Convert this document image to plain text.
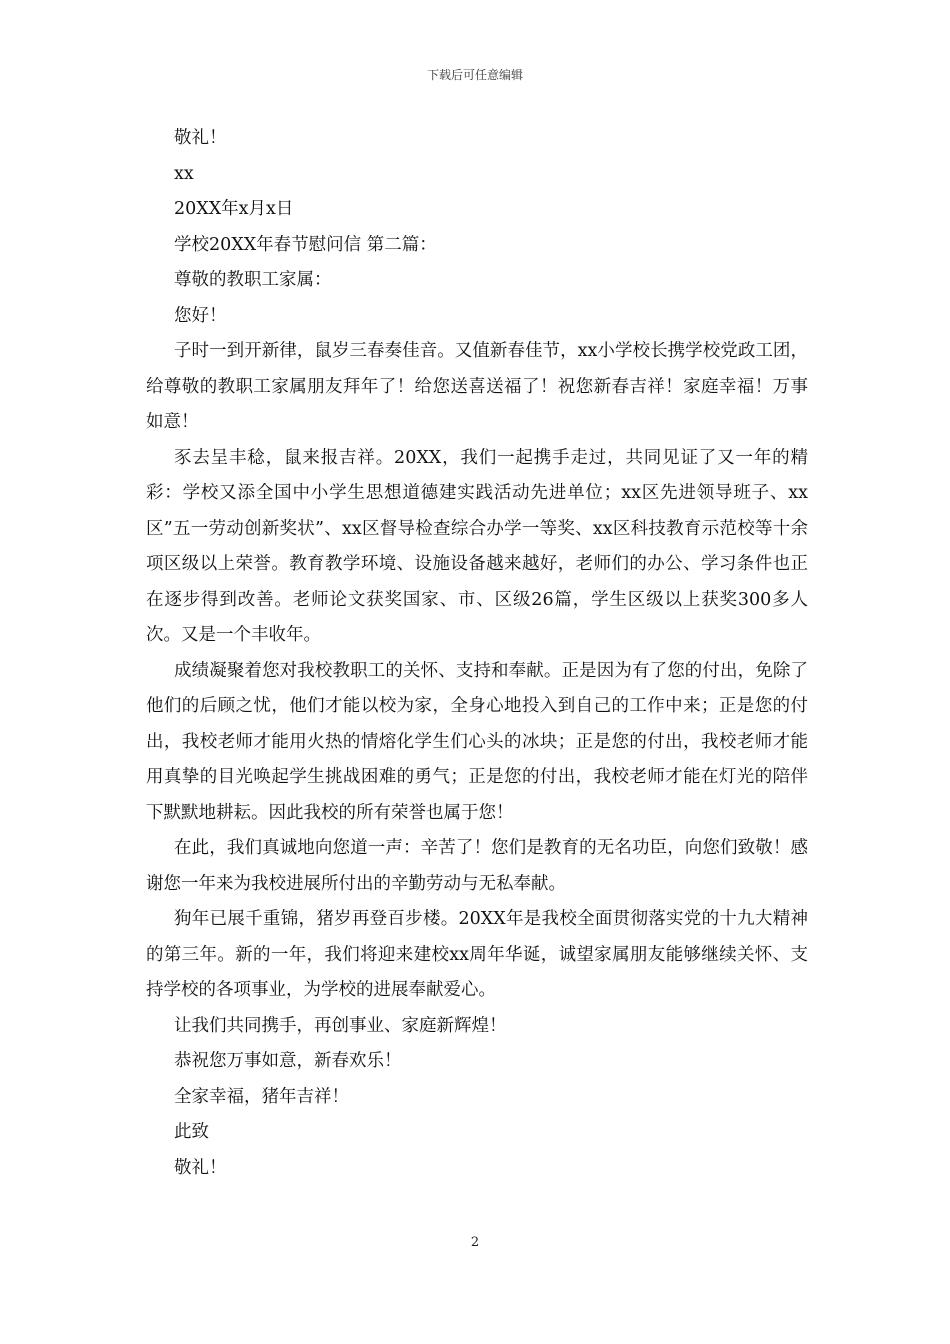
下载后可任意编辑
敬礼！
xx
20XX年x月x日
学校20XX年春节慰问信 第二篇：
尊敬的教职工家属：
您好！

子时一到开新律，鼠岁三春奏佳音。又值新春佳节，xx小学校长携学校党政工团，给尊敬的教职工家属朋友拜年了！给您送喜送福了！祝您新春吉祥！家庭幸福！万事如意！

豕去呈丰稔，鼠来报吉祥。20XX，我们一起携手走过，共同见证了又一年的精彩：学校又添全国中小学生思想道德建实践活动先进单位；xx区先进领导班子、xx区”五一劳动创新奖状”、xx区督导检查综合办学一等奖、xx区科技教育示范校等十余项区级以上荣誉。教育教学环境、设施设备越来越好，老师们的办公、学习条件也正在逐步得到改善。老师论文获奖国家、市、区级26篇，学生区级以上获奖300多人次。又是一个丰收年。

成绩凝聚着您对我校教职工的关怀、支持和奉献。正是因为有了您的付出，免除了他们的后顾之忧，他们才能以校为家，全身心地投入到自己的工作中来；正是您的付出，我校老师才能用火热的情熔化学生们心头的冰块；正是您的付出，我校老师才能用真挚的目光唤起学生挑战困难的勇气；正是您的付出，我校老师才能在灯光的陪伴下默默地耕耘。因此我校的所有荣誉也属于您！

在此，我们真诚地向您道一声：辛苦了！您们是教育的无名功臣，向您们致敬！感谢您一年来为我校进展所付出的辛勤劳动与无私奉献。

狗年已展千重锦，猪岁再登百步楼。20XX年是我校全面贯彻落实党的十九大精神的第三年。新的一年，我们将迎来建校xx周年华诞，诚望家属朋友能够继续关怀、支持学校的各项事业，为学校的进展奉献爱心。

让我们共同携手，再创事业、家庭新辉煌！
恭祝您万事如意，新春欢乐！
全家幸福，猪年吉祥！
此致
敬礼！
2
